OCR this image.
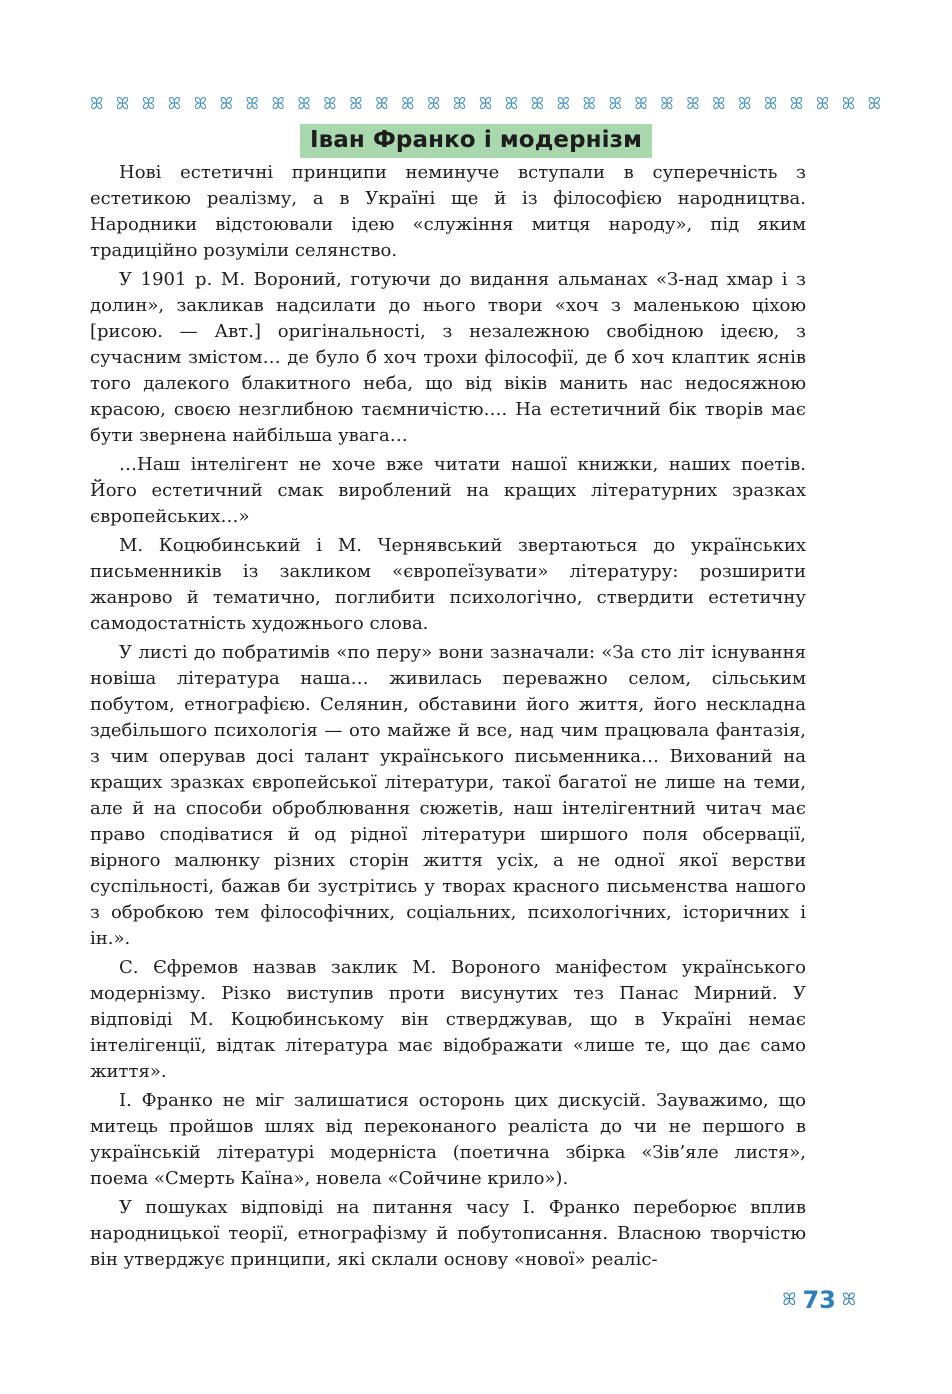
ꕤ ꕤ ꕤ ꕤ ꕤ ꕤ ꕤ ꕤ ꕤ ꕤ ꕤ ꕤ ꕤ ꕤ ꕤ ꕤ ꕤ ꕤ ꕤ ꕤ ꕤ ꕤ ꕤ ꕤ ꕤ ꕤ ꕤ ꕤ ꕤ ꕤ ꕤ
Іван Франко і модернізм

Нові естетичні принципи неминуче вступали в суперечність з естетикою реалізму, а в Україні ще й із філософією народництва. Народники відстоювали ідею «служіння митця народу», під яким традиційно розуміли селянство.

У 1901 р. М. Вороний, готуючи до видання альманах «З-над хмар і з долин», закликав надсилати до нього твори «хоч з маленькою ціхою [рисою. — Авт.] оригінальності, з незалежною свобідною ідеєю, з сучасним змістом… де було б хоч трохи філософії, де б хоч клаптик яснів того далекого блакитного неба, що від віків манить нас недосяжною красою, своєю незглибною таємничістю…. На естетичний бік творів має бути звернена найбільша увага…

…Наш інтелігент не хоче вже читати нашої книжки, наших поетів. Його естетичний смак вироблений на кращих літературних зразках європейських…»

М. Коцюбинський і М. Чернявський звертаються до українських письменників із закликом «європеїзувати» літературу: розширити жанрово й тематично, поглибити психологічно, ствердити естетичну самодостатність художнього слова.

У листі до побратимів «по перу» вони зазначали: «За сто літ існування новіша література наша… живилась переважно селом, сільським побутом, етнографією. Селянин, обставини його життя, його нескладна здебільшого психологія — ото майже й все, над чим працювала фантазія, з чим оперував досі талант українського письменника… Вихований на кращих зразках європейської літератури, такої багатої не лише на теми, але й на способи оброблювання сюжетів, наш інтелігентний читач має право сподіватися й од рідної літератури ширшого поля обсервації, вірного малюнку різних сторін життя усіх, а не одної якої верстви суспільності, бажав би зустрітись у творах красного письменства нашого з обробкою тем філософічних, соціальних, психологічних, історичних і ін.».

С. Єфремов назвав заклик М. Вороного маніфестом українського модернізму. Різко виступив проти висунутих тез Панас Мирний. У відповіді М. Коцюбинському він стверджував, що в Україні немає інтелігенції, відтак література має відображати «лише те, що дає само життя».

І. Франко не міг залишатися осторонь цих дискусій. Зауважимо, що митець пройшов шлях від переконаного реаліста до чи не першого в українській літературі модерніста (поетична збірка «Зів’яле листя», поема «Смерть Каїна», новела «Сойчине крило»).

У пошуках відповіді на питання часу І. Франко переборює вплив народницької теорії, етнографізму й побутописання. Власною творчістю він утверджує принципи, які склали основу «нової» реаліс-

ꕤ 73 ꕤ
